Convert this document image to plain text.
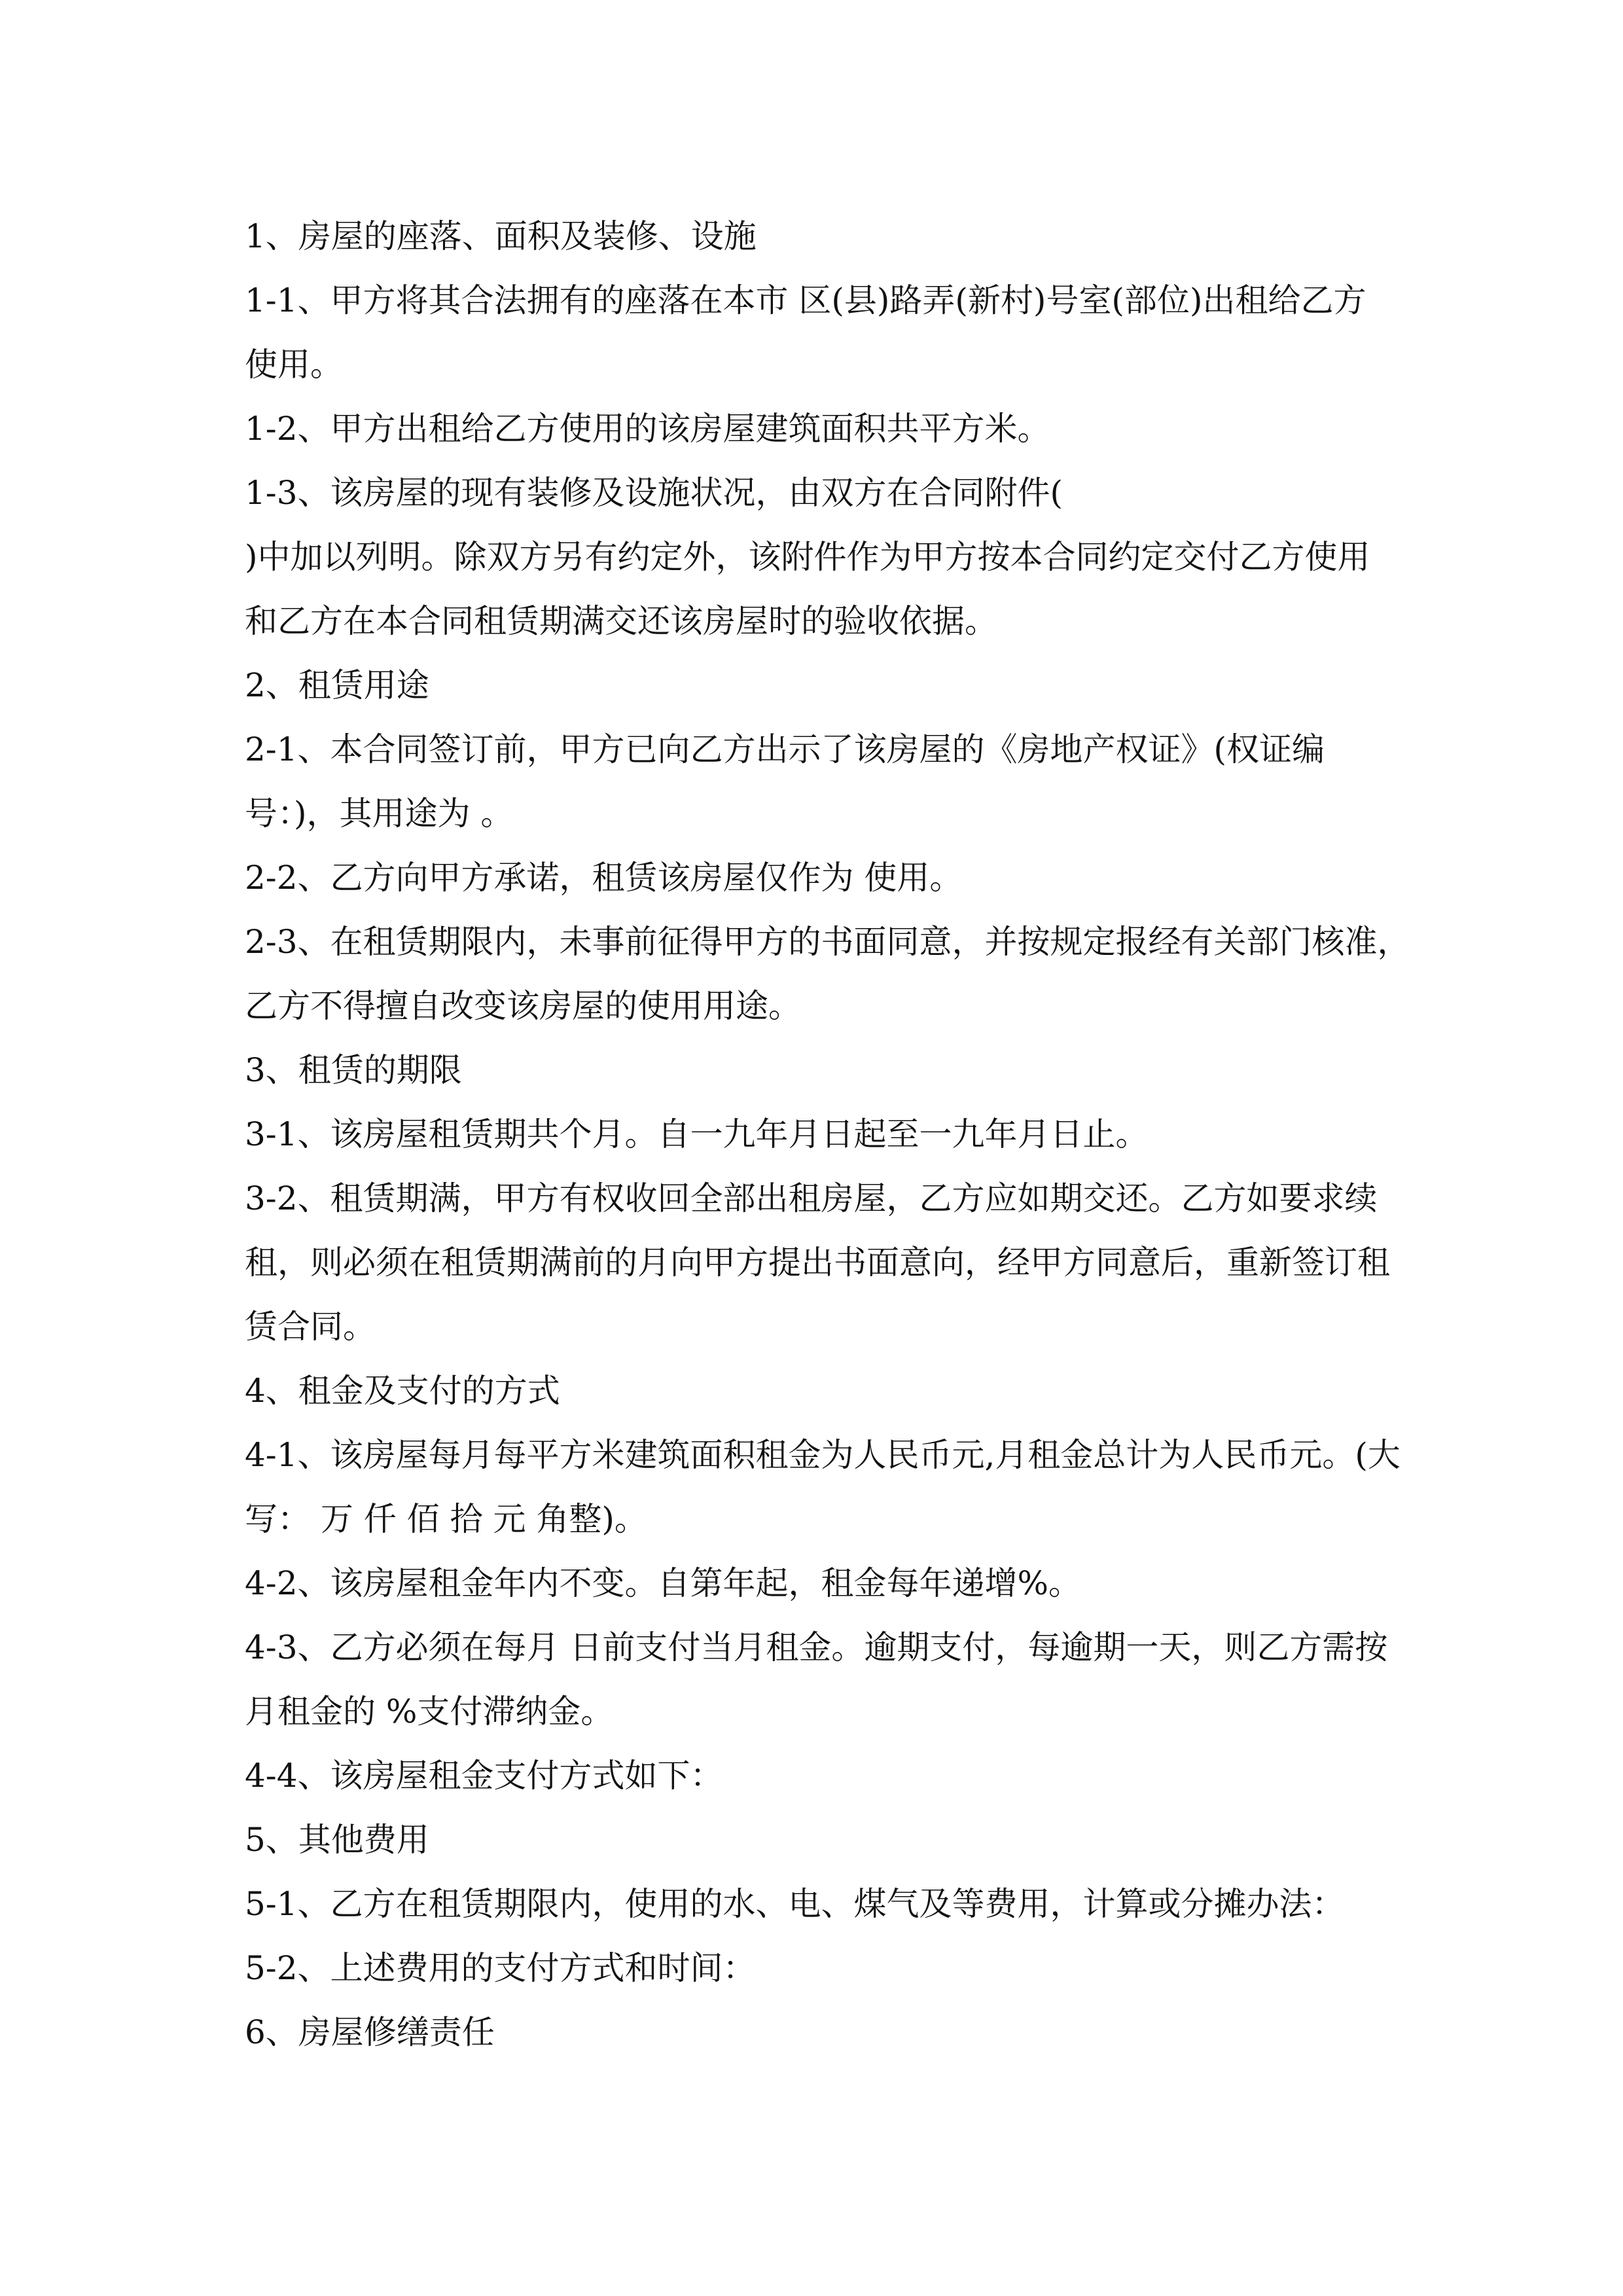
1、房屋的座落、面积及装修、设施
1-1、甲方将其合法拥有的座落在本市 区(县)路弄(新村)号室(部位)出租给乙方
使用。
1-2、甲方出租给乙方使用的该房屋建筑面积共平方米。
1-3、该房屋的现有装修及设施状况，由双方在合同附件(
)中加以列明。除双方另有约定外，该附件作为甲方按本合同约定交付乙方使用
和乙方在本合同租赁期满交还该房屋时的验收依据。
2、租赁用途
2-1、本合同签订前，甲方已向乙方出示了该房屋的《房地产权证》(权证编
号：)，其用途为 。
2-2、乙方向甲方承诺，租赁该房屋仅作为 使用。
2-3、在租赁期限内，未事前征得甲方的书面同意，并按规定报经有关部门核准，
乙方不得擅自改变该房屋的使用用途。
3、租赁的期限
3-1、该房屋租赁期共个月。自一九年月日起至一九年月日止。
3-2、租赁期满，甲方有权收回全部出租房屋，乙方应如期交还。乙方如要求续
租，则必须在租赁期满前的月向甲方提出书面意向，经甲方同意后，重新签订租
赁合同。
4、租金及支付的方式
4-1、该房屋每月每平方米建筑面积租金为人民币元,月租金总计为人民币元。(大
写： 万 仟 佰 拾 元 角整)。
4-2、该房屋租金年内不变。自第年起，租金每年递增%。
4-3、乙方必须在每月 日前支付当月租金。逾期支付，每逾期一天，则乙方需按
月租金的 %支付滞纳金。
4-4、该房屋租金支付方式如下：
5、其他费用
5-1、乙方在租赁期限内，使用的水、电、煤气及等费用，计算或分摊办法：
5-2、上述费用的支付方式和时间：
6、房屋修缮责任
